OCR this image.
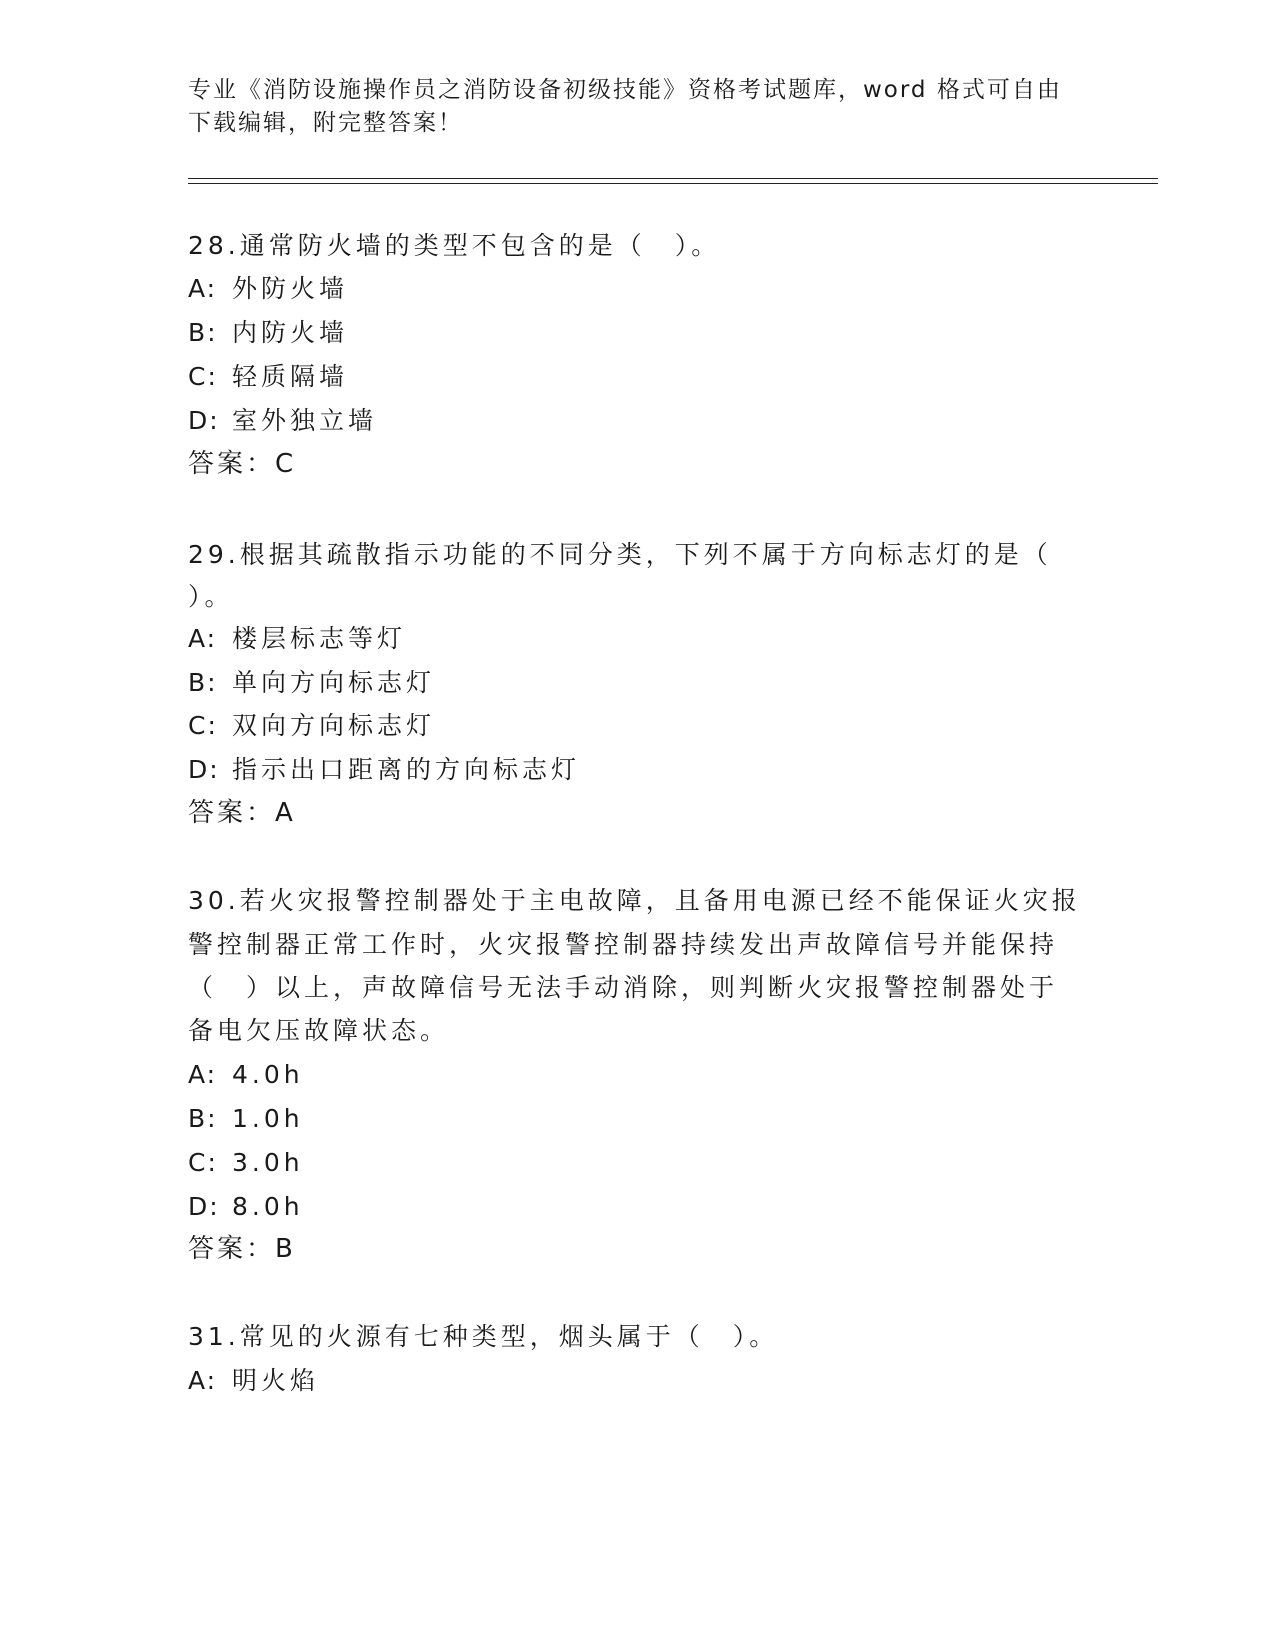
专业《消防设施操作员之消防设备初级技能》资格考试题库，word 格式可自由下载编辑，附完整答案！

28.通常防火墙的类型不包含的是（　）。
A: 外防火墙
B: 内防火墙
C: 轻质隔墙
D: 室外独立墙
答案：C
29.根据其疏散指示功能的不同分类，下列不属于方向标志灯的是（
）。
A: 楼层标志等灯
B: 单向方向标志灯
C: 双向方向标志灯
D: 指示出口距离的方向标志灯
答案：A
30.若火灾报警控制器处于主电故障，且备用电源已经不能保证火灾报
警控制器正常工作时，火灾报警控制器持续发出声故障信号并能保持
（　）以上，声故障信号无法手动消除，则判断火灾报警控制器处于
备电欠压故障状态。
A: 4.0h
B: 1.0h
C: 3.0h
D: 8.0h
答案：B
31.常见的火源有七种类型，烟头属于（　）。
A: 明火焰
